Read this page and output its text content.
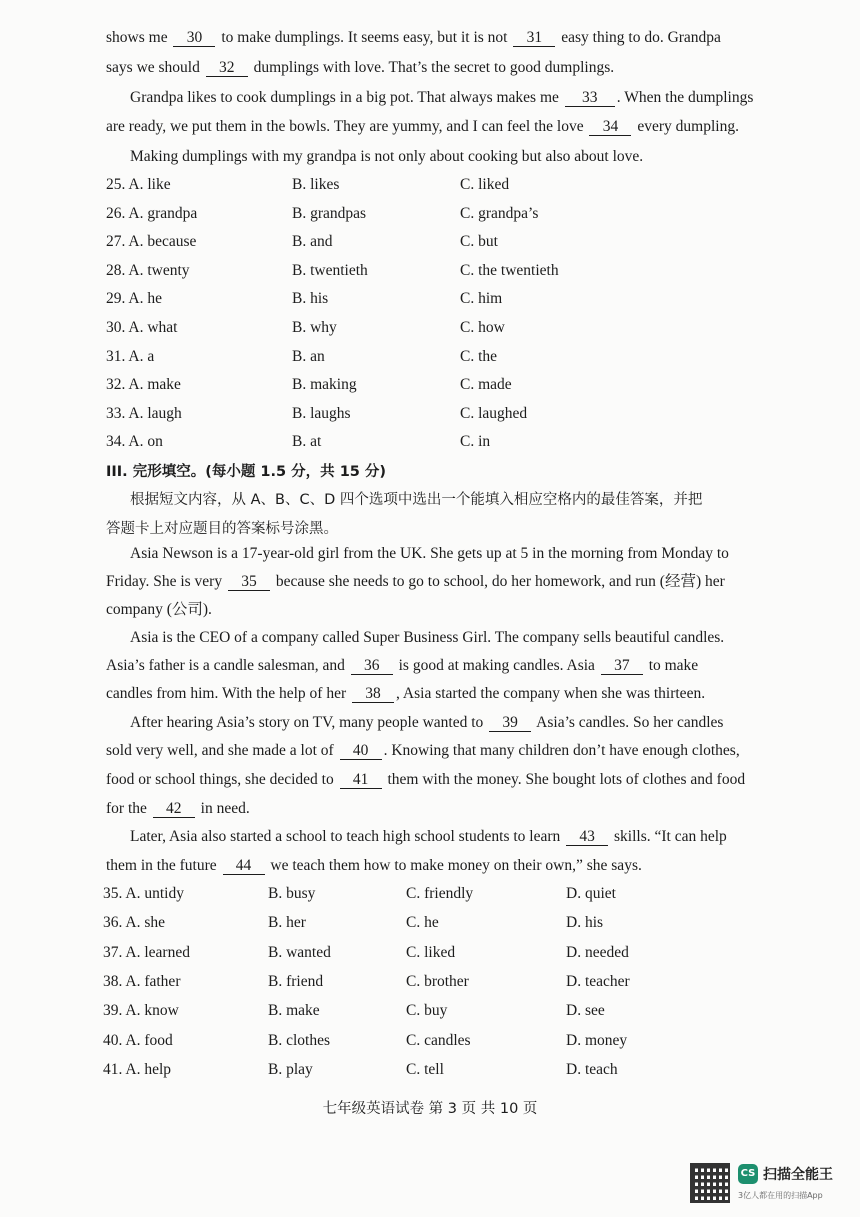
shows me 30 to make dumplings. It seems easy, but it is not 31 easy thing to do. Grandpa
says we should 32 dumplings with love. That’s the secret to good dumplings.
Grandpa likes to cook dumplings in a big pot. That always makes me 33 . When the dumplings
are ready, we put them in the bowls. They are yummy, and I can feel the love 34 every dumpling.
Making dumplings with my grandpa is not only about cooking but also about love.
25. A. like	B. likes	C. liked
26. A. grandpa	B. grandpas	C. grandpa’s
27. A. because	B. and	C. but
28. A. twenty	B. twentieth	C. the twentieth
29. A. he	B. his	C. him
30. A. what	B. why	C. how
31. A. a	B. an	C. the
32. A. make	B. making	C. made
33. A. laugh	B. laughs	C. laughed
34. A. on	B. at	C. in
III. 完形填空。(每小题 1.5 分，共 15 分)
根据短文内容，从 A、B、C、D 四个选项中选出一个能填入相应空格内的最佳答案，并把
答题卡上对应题目的答案标号涂黑。
Asia Newson is a 17-year-old girl from the UK. She gets up at 5 in the morning from Monday to
Friday. She is very 35 because she needs to go to school, do her homework, and run (经营) her
company (公司).
Asia is the CEO of a company called Super Business Girl. The company sells beautiful candles.
Asia’s father is a candle salesman, and 36 is good at making candles. Asia 37 to make
candles from him. With the help of her 38 , Asia started the company when she was thirteen.
After hearing Asia’s story on TV, many people wanted to 39 Asia’s candles. So her candles
sold very well, and she made a lot of 40 . Knowing that many children don’t have enough clothes,
food or school things, she decided to 41 them with the money. She bought lots of clothes and food
for the 42 in need.
Later, Asia also started a school to teach high school students to learn 43 skills. “It can help
them in the future 44 we teach them how to make money on their own,” she says.
35. A. untidy	B. busy	C. friendly	D. quiet
36. A. she	B. her	C. he	D. his
37. A. learned	B. wanted	C. liked	D. needed
38. A. father	B. friend	C. brother	D. teacher
39. A. know	B. make	C. buy	D. see
40. A. food	B. clothes	C. candles	D. money
41. A. help	B. play	C. tell	D. teach
七年级英语试卷 第 3 页 共 10 页
CS 扫描全能王
3亿人都在用的扫描App
